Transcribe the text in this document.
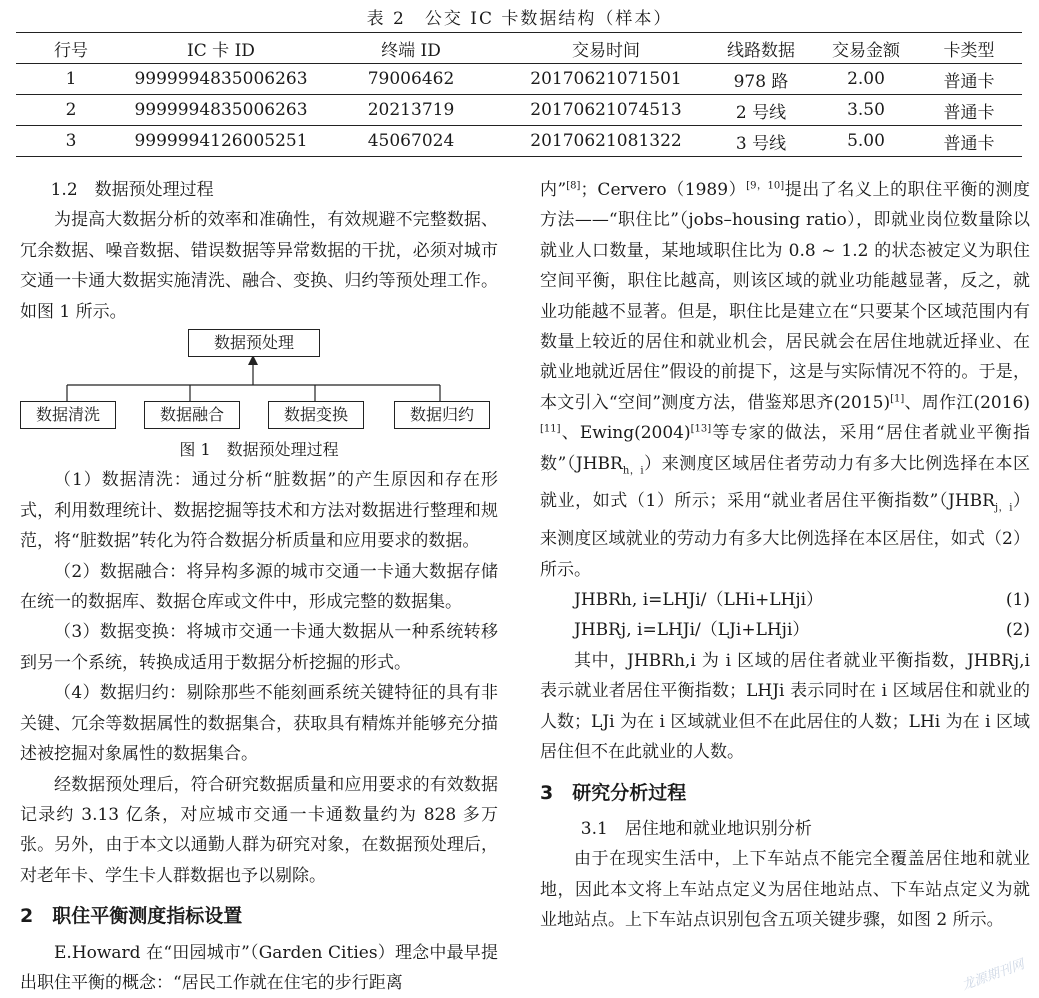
表 2　公交 IC 卡数据结构（样本）
行号	IC 卡 ID	终端 ID	交易时间	线路数据	交易金额	卡类型
1	9999994835006263	79006462	20170621071501	978 路	2.00	普通卡
2	9999994835006263	20213719	20170621074513	2 号线	3.50	普通卡
3	9999994126005251	45067024	20170621081322	3 号线	5.00	普通卡

1.2　数据预处理过程

为提高大数据分析的效率和准确性，有效规避不完整数据、冗余数据、噪音数据、错误数据等异常数据的干扰，必须对城市交通一卡通大数据实施清洗、融合、变换、归约等预处理工作。如图 1 所示。

数据预处理
数据清洗	数据融合	数据变换	数据归约

图 1　数据预处理过程

（1）数据清洗：通过分析“脏数据”的产生原因和存在形式，利用数理统计、数据挖掘等技术和方法对数据进行整理和规范，将“脏数据”转化为符合数据分析质量和应用要求的数据。

（2）数据融合：将异构多源的城市交通一卡通大数据存储在统一的数据库、数据仓库或文件中，形成完整的数据集。

（3）数据变换：将城市交通一卡通大数据从一种系统转移到另一个系统，转换成适用于数据分析挖掘的形式。

（4）数据归约：剔除那些不能刻画系统关键特征的具有非关键、冗余等数据属性的数据集合，获取具有精炼并能够充分描述被挖掘对象属性的数据集合。

经数据预处理后，符合研究数据质量和应用要求的有效数据记录约 3.13 亿条，对应城市交通一卡通数量约为 828 多万张。另外，由于本文以通勤人群为研究对象，在数据预处理后，对老年卡、学生卡人群数据也予以剔除。

2　职住平衡测度指标设置

E.Howard 在“田园城市”（Garden Cities）理念中最早提出职住平衡的概念：“居民工作就在住宅的步行距离

内”[8]；Cervero（1989）[9，10]提出了名义上的职住平衡的测度方法——“职住比”（jobs–housing ratio），即就业岗位数量除以就业人口数量，某地域职住比为 0.8 ~ 1.2 的状态被定义为职住空间平衡，职住比越高，则该区域的就业功能越显著，反之，就业功能越不显著。但是，职住比是建立在“只要某个区域范围内有数量上较近的居住和就业机会，居民就会在居住地就近择业、在就业地就近居住”假设的前提下，这是与实际情况不符的。于是，本文引入“空间”测度方法，借鉴郑思齐(2015)[1]、周作江(2016)[11]、Ewing(2004)[13]等专家的做法，采用“居住者就业平衡指数$”(JHBR_{h,i})$来测度区域居住者劳动力有多大比例选择在本区就业，如式（1）所示；采用“就业者居住平衡指数$”(JHBR_{j,i})$来测度区域就业的劳动力有多大比例选择在本区居住，如式（2）所示。

JHBRh, i=LHJi/（LHi+LHji）	(1)

JHBRj, i=LHJi/（LJi+LHji）	(2)

其中，JHBRh,i 为 i 区域的居住者就业平衡指数，JHBRj,i 表示就业者居住平衡指数；LHJi 表示同时在 i 区域居住和就业的人数；LJi 为在 i 区域就业但不在此居住的人数；LHi 为在 i 区域居住但不在此就业的人数。

3　研究分析过程

3.1　居住地和就业地识别分析

由于在现实生活中，上下车站点不能完全覆盖居住地和就业地，因此本文将上车站点定义为居住地站点、下车站点定义为就业地站点。上下车站点识别包含五项关键步骤，如图 2 所示。

龙源期刊网
